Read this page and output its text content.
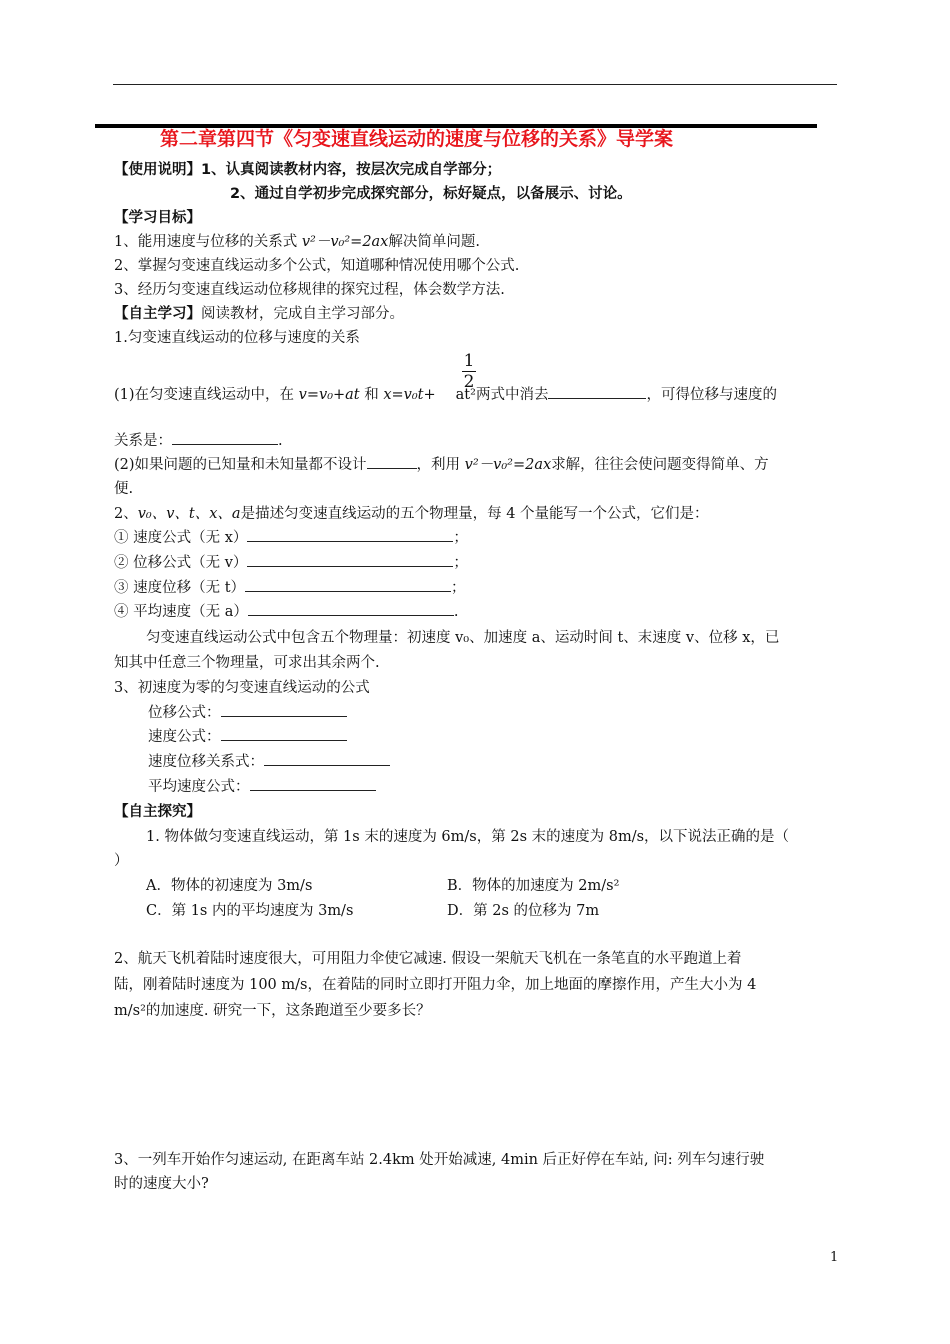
第二章第四节《匀变速直线运动的速度与位移的关系》导学案
【使用说明】1、认真阅读教材内容，按层次完成自学部分；
2、通过自学初步完成探究部分，标好疑点，以备展示、讨论。
【学习目标】
1、能用速度与位移的关系式 v²－v₀²=2ax解决简单问题.
2、掌握匀变速直线运动多个公式，知道哪种情况使用哪个公式.
3、经历匀变速直线运动位移规律的探究过程，体会数学方法.
【自主学习】阅读教材，完成自主学习部分。
1.匀变速直线运动的位移与速度的关系
1
2
(1)在匀变速直线运动中，在 v=v₀+at 和 x=v₀t+ at²两式中消去	，可得位移与速度的
关系是：	.
(2)如果问题的已知量和未知量都不设计	，利用 v²－v₀²=2ax求解，往往会使问题变得简单、方
便.
2、v₀、v、t、x、a是描述匀变速直线运动的五个物理量，每 4 个量能写一个公式，它们是：
① 速度公式（无 x）	；
② 位移公式（无 v）	；
③ 速度位移（无 t）	；
④ 平均速度（无 a）	.
匀变速直线运动公式中包含五个物理量：初速度 v₀、加速度 a、运动时间 t、末速度 v、位移 x，已
知其中任意三个物理量，可求出其余两个.
3、初速度为零的匀变速直线运动的公式
位移公式：
速度公式：
速度位移关系式：
平均速度公式：
【自主探究】
1. 物体做匀变速直线运动，第 1s 末的速度为 6m/s，第 2s 末的速度为 8m/s，以下说法正确的是（
）
A．物体的初速度为 3m/s	B．物体的加速度为 2m/s²
C．第 1s 内的平均速度为 3m/s	D．第 2s 的位移为 7m
2、航天飞机着陆时速度很大，可用阻力伞使它减速. 假设一架航天飞机在一条笔直的水平跑道上着
陆，刚着陆时速度为 100 m/s，在着陆的同时立即打开阻力伞，加上地面的摩擦作用，产生大小为 4
m/s²的加速度. 研究一下，这条跑道至少要多长？
3、一列车开始作匀速运动, 在距离车站 2.4km 处开始减速, 4min 后正好停在车站, 问: 列车匀速行驶
时的速度大小?
1
